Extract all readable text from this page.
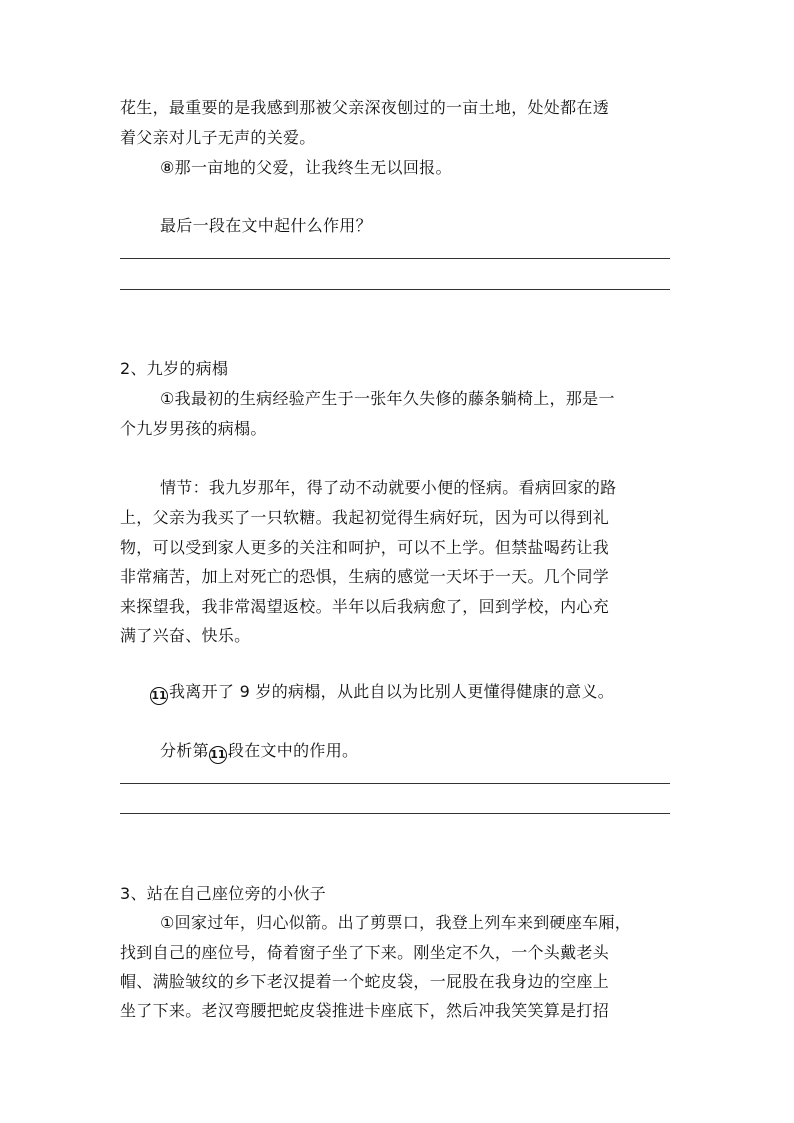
花生，最重要的是我感到那被父亲深夜刨过的一亩土地，处处都在透
着父亲对儿子无声的关爱。
⑧那一亩地的父爱，让我终生无以回报。
最后一段在文中起什么作用？
2、九岁的病榻
①我最初的生病经验产生于一张年久失修的藤条躺椅上，那是一
个九岁男孩的病榻。
情节：我九岁那年，得了动不动就要小便的怪病。看病回家的路
上，父亲为我买了一只软糖。我起初觉得生病好玩，因为可以得到礼
物，可以受到家人更多的关注和呵护，可以不上学。但禁盐喝药让我
非常痛苦，加上对死亡的恐惧，生病的感觉一天坏于一天。几个同学
来探望我，我非常渴望返校。半年以后我病愈了，回到学校，内心充
满了兴奋、快乐。
11 我离开了 9 岁的病榻，从此自以为比别人更懂得健康的意义。
分析第11 段在文中的作用。
3、站在自己座位旁的小伙子
①回家过年，归心似箭。出了剪票口，我登上列车来到硬座车厢，
找到自己的座位号，倚着窗子坐了下来。刚坐定不久，一个头戴老头
帽、满脸皱纹的乡下老汉提着一个蛇皮袋，一屁股在我身边的空座上
坐了下来。老汉弯腰把蛇皮袋推进卡座底下，然后冲我笑笑算是打招
